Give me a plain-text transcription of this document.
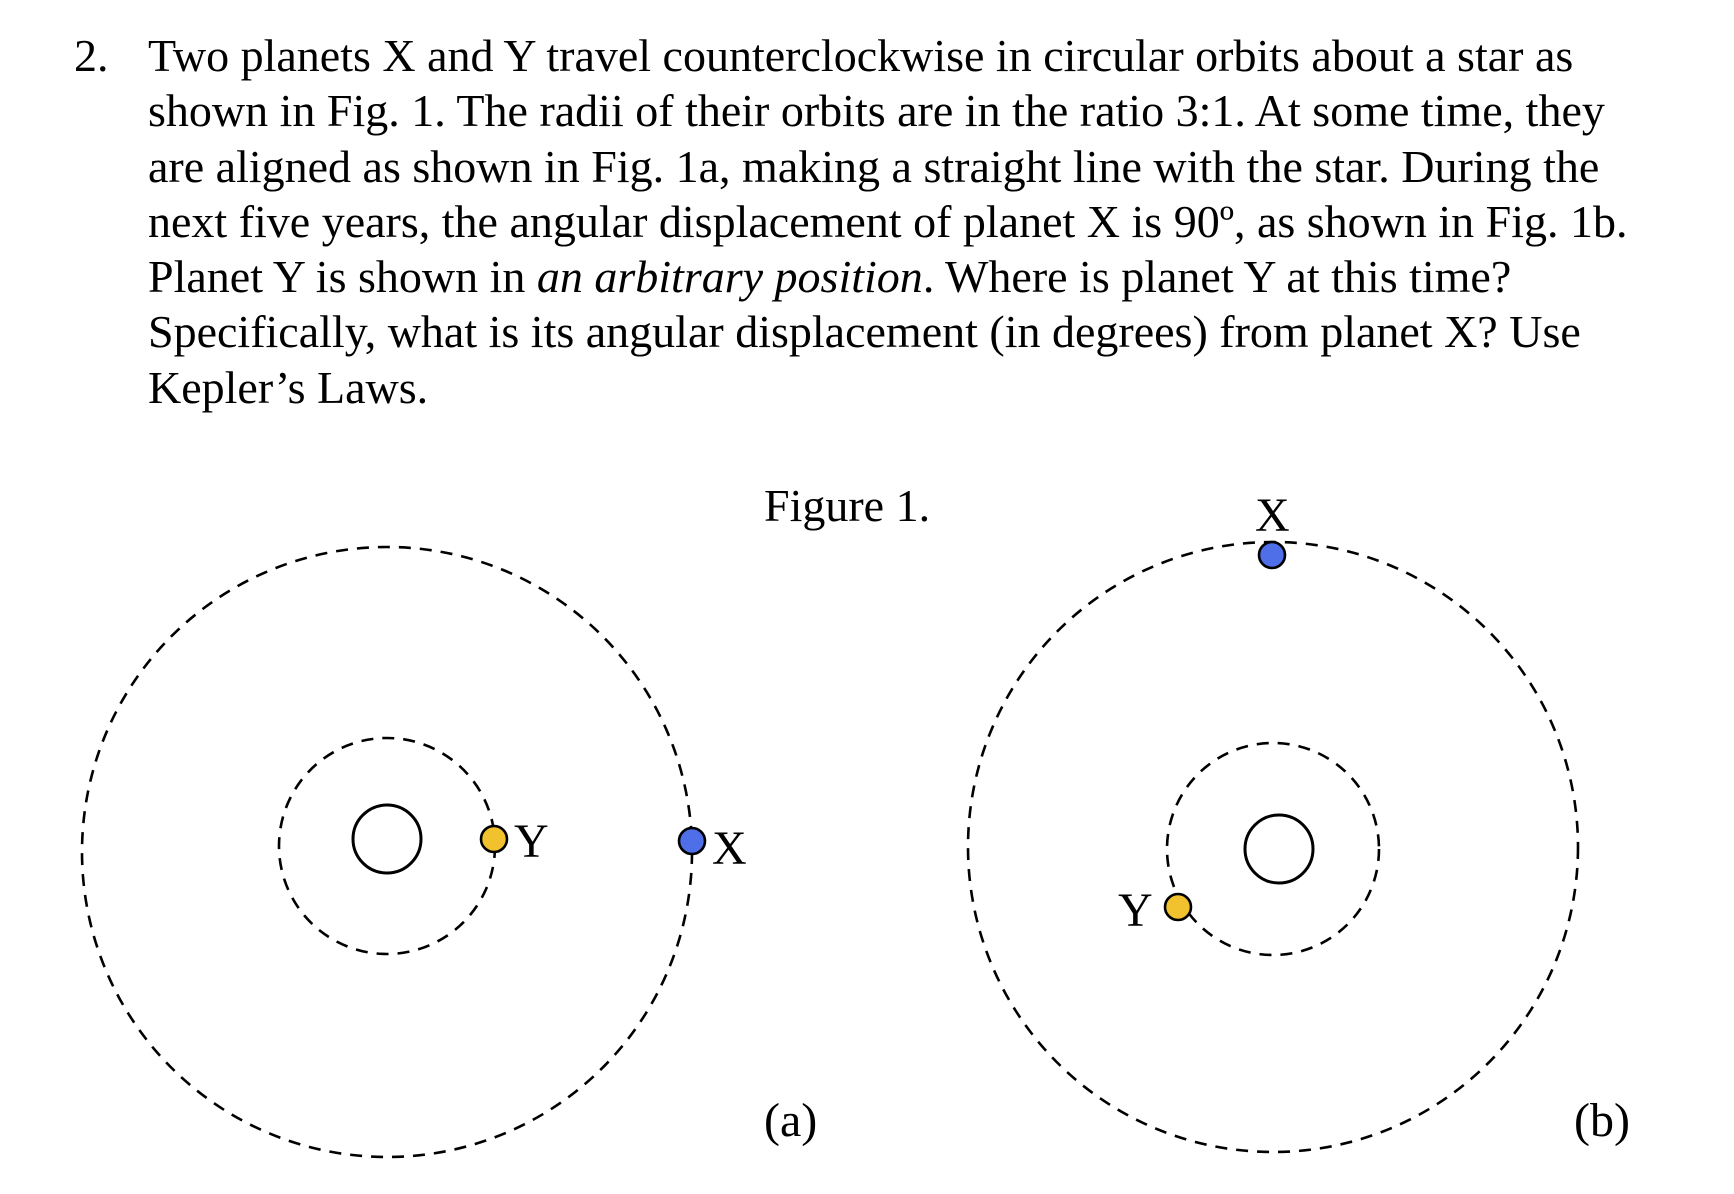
2. Two planets X and Y travel counterclockwise in circular orbits about a star as
shown in Fig. 1. The radii of their orbits are in the ratio 3:1. At some time, they
are aligned as shown in Fig. 1a, making a straight line with the star. During the
next five years, the angular displacement of planet X is 90º, as shown in Fig. 1b.
Planet Y is shown in an arbitrary position. Where is planet Y at this time?
Specifically, what is its angular displacement (in degrees) from planet X? Use
Kepler’s Laws.
Figure 1.
Y	X
(a)
X
Y
(b)
